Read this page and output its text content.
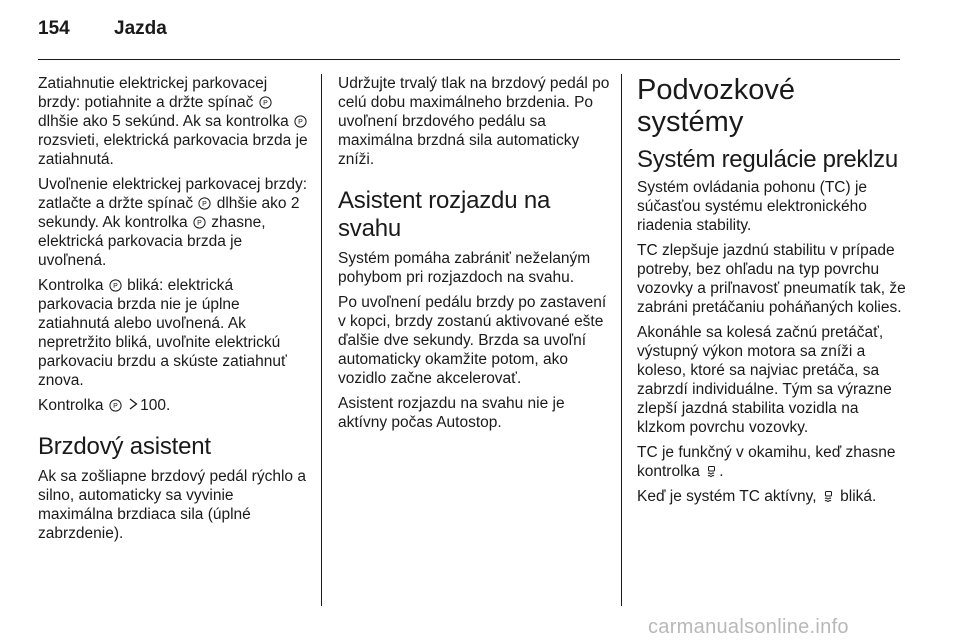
154	Jazda

Zatiahnutie elektrickej parkovacej brzdy: potiahnite a držte spínač P
dlhšie ako 5 sekúnd. Ak sa kontrolka P
rozsvieti, elektrická parkovacia brzda je zatiahnutá.

Uvoľnenie elektrickej parkovacej brzdy: zatlačte a držte spínač P dlhšie ako 2 sekundy. Ak kontrolka P zhasne, elektrická parkovacia brzda je uvoľnená.

Kontrolka P bliká: elektrická parkovacia brzda nie je úplne zatiahnutá alebo uvoľnená. Ak nepretržito bliká, uvoľnite elektrickú parkovaciu brzdu a skúste zatiahnuť znova.

Kontrolka P 100.

Brzdový asistent

Ak sa zošliapne brzdový pedál rýchlo a silno, automaticky sa vyvinie maximálna brzdiaca sila (úplné zabrzdenie).

Udržujte trvalý tlak na brzdový pedál po celú dobu maximálneho brzdenia. Po uvoľnení brzdového pedálu sa maximálna brzdná sila automaticky zníži.

Asistent rozjazdu na svahu

Systém pomáha zabrániť neželaným pohybom pri rozjazdoch na svahu.

Po uvoľnení pedálu brzdy po zastavení v kopci, brzdy zostanú aktivované ešte ďalšie dve sekundy. Brzda sa uvoľní automaticky okamžite potom, ako vozidlo začne akcelerovať.

Asistent rozjazdu na svahu nie je aktívny počas Autostop.

Podvozkové systémy
Systém regulácie preklzu

Systém ovládania pohonu (TC) je súčasťou systému elektronického riadenia stability.

TC zlepšuje jazdnú stabilitu v prípade potreby, bez ohľadu na typ povrchu vozovky a priľnavosť pneumatík tak, že zabráni pretáčaniu poháňaných kolies.

Akonáhle sa kolesá začnú pretáčať, výstupný výkon motora sa zníži a koleso, ktoré sa najviac pretáča, sa zabrzdí individuálne. Tým sa výrazne zlepší jazdná stabilita vozidla na klzkom povrchu vozovky.

TC je funkčný v okamihu, keď zhasne kontrolka .

Keď je systém TC aktívny, bliká.

carmanualsonline.info
